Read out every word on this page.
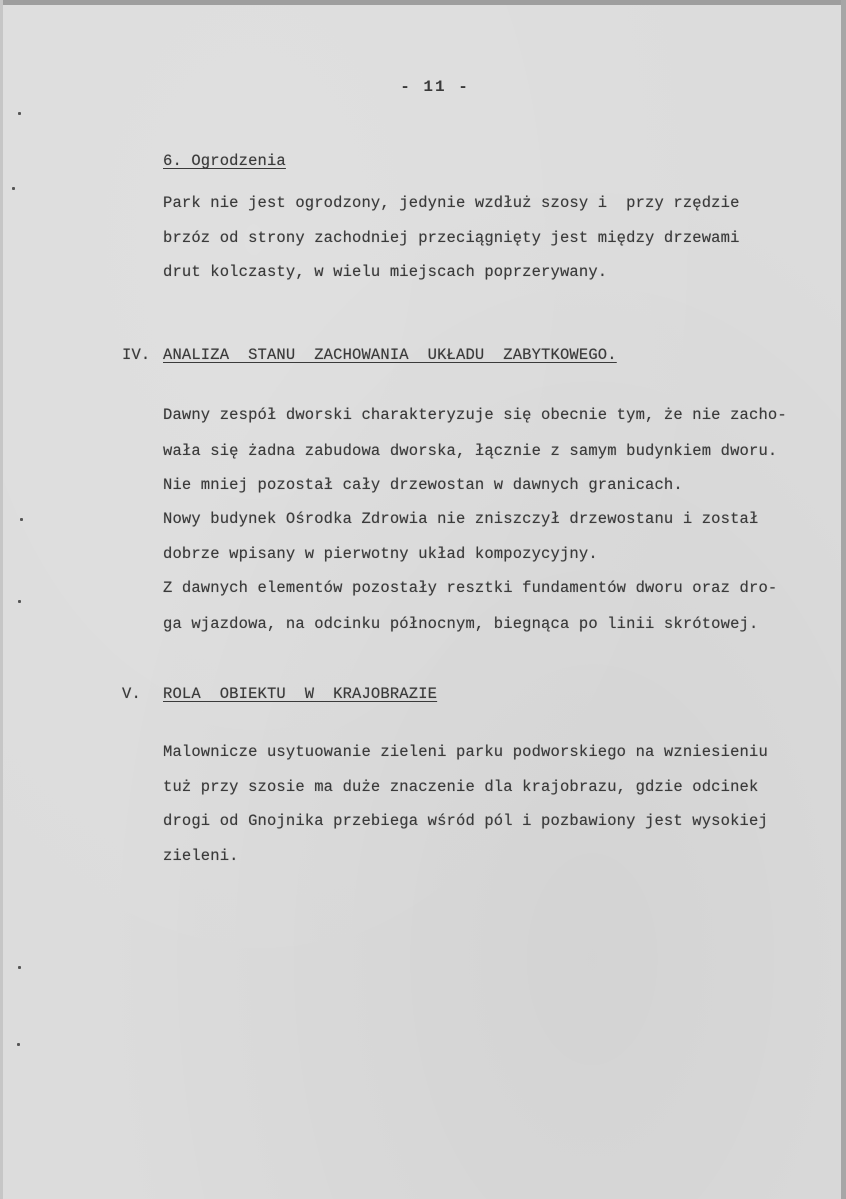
- 11 -
6. Ogrodzenia
Park nie jest ogrodzony, jedynie wzdłuż szosy i  przy rzędzie
brzóz od strony zachodniej przeciągnięty jest między drzewami
drut kolczasty, w wielu miejscach poprzerywany.
IV. ANALIZA  STANU  ZACHOWANIA  UKŁADU  ZABYTKOWEGO.
Dawny zespół dworski charakteryzuje się obecnie tym, że nie zacho-
wała się żadna zabudowa dworska, łącznie z samym budynkiem dworu.
Nie mniej pozostał cały drzewostan w dawnych granicach.
Nowy budynek Ośrodka Zdrowia nie zniszczył drzewostanu i został
dobrze wpisany w pierwotny układ kompozycyjny.
Z dawnych elementów pozostały resztki fundamentów dworu oraz dro-
ga wjazdowa, na odcinku północnym, biegnąca po linii skrótowej.
V. ROLA  OBIEKTU  W  KRAJOBRAZIE
Malownicze usytuowanie zieleni parku podworskiego na wzniesieniu
tuż przy szosie ma duże znaczenie dla krajobrazu, gdzie odcinek
drogi od Gnojnika przebiega wśród pól i pozbawiony jest wysokiej
zieleni.
